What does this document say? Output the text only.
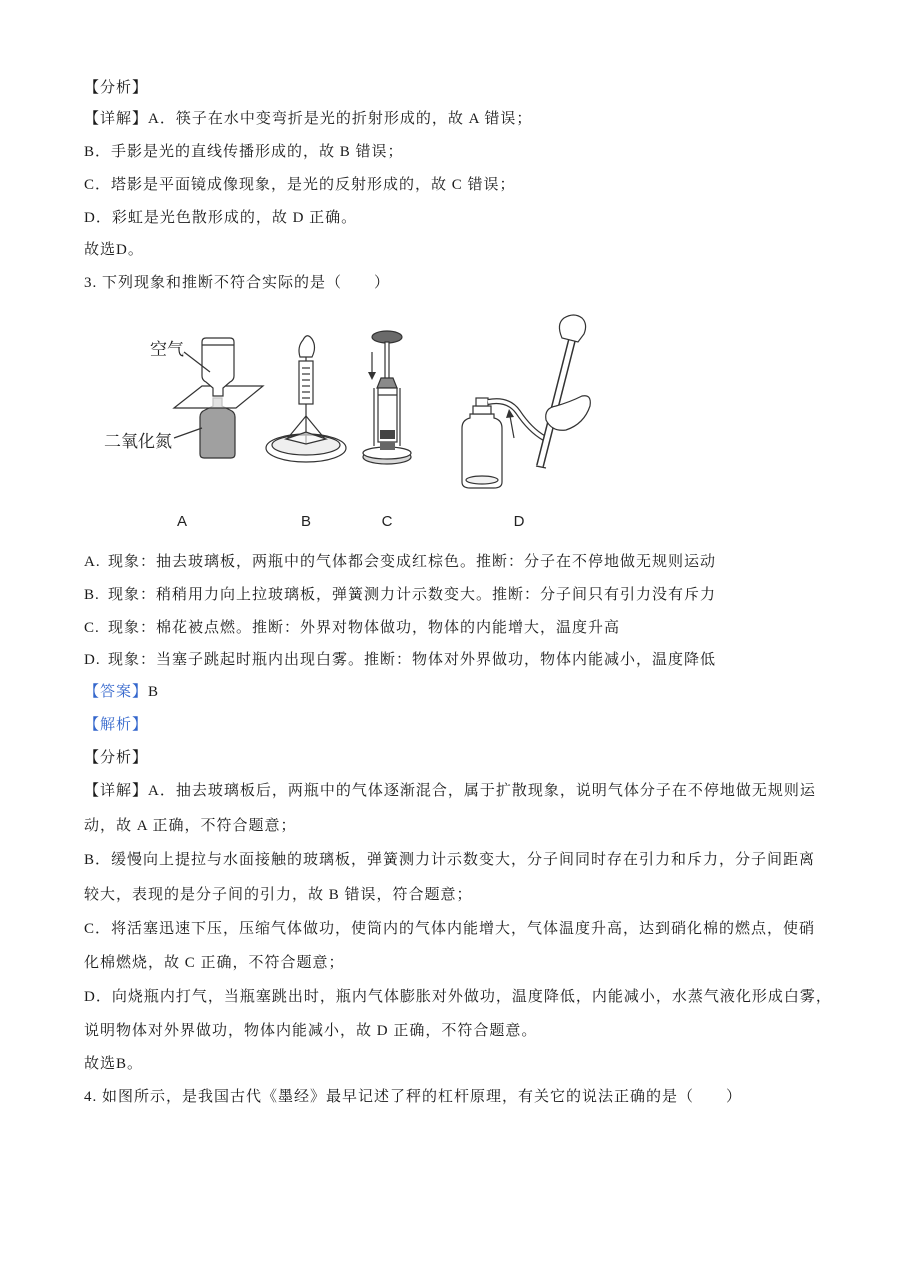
【分析】
【详解】A．筷子在水中变弯折是光的折射形成的，故 A 错误；
B．手影是光的直线传播形成的，故 B 错误；
C．塔影是平面镜成像现象，是光的反射形成的，故 C 错误；
D．彩虹是光色散形成的，故 D 正确。
故选D。
3. 下列现象和推断不符合实际的是（　　）
空气
二氧化氮
A	B	C	D
A. 现象：抽去玻璃板，两瓶中的气体都会变成红棕色。推断：分子在不停地做无规则运动
B. 现象：稍稍用力向上拉玻璃板，弹簧测力计示数变大。推断：分子间只有引力没有斥力
C. 现象：棉花被点燃。推断：外界对物体做功，物体的内能增大，温度升高
D. 现象：当塞子跳起时瓶内出现白雾。推断：物体对外界做功，物体内能减小，温度降低
【答案】B
【解析】
【分析】
【详解】A．抽去玻璃板后，两瓶中的气体逐渐混合，属于扩散现象，说明气体分子在不停地做无规则运
动，故 A 正确，不符合题意；
B．缓慢向上提拉与水面接触的玻璃板，弹簧测力计示数变大，分子间同时存在引力和斥力，分子间距离
较大，表现的是分子间的引力，故 B 错误，符合题意；
C．将活塞迅速下压，压缩气体做功，使筒内的气体内能增大，气体温度升高，达到硝化棉的燃点，使硝
化棉燃烧，故 C 正确，不符合题意；
D．向烧瓶内打气，当瓶塞跳出时，瓶内气体膨胀对外做功，温度降低，内能减小，水蒸气液化形成白雾，
说明物体对外界做功，物体内能减小，故 D 正确，不符合题意。
故选B。
4. 如图所示，是我国古代《墨经》最早记述了秤的杠杆原理，有关它的说法正确的是（　　）
